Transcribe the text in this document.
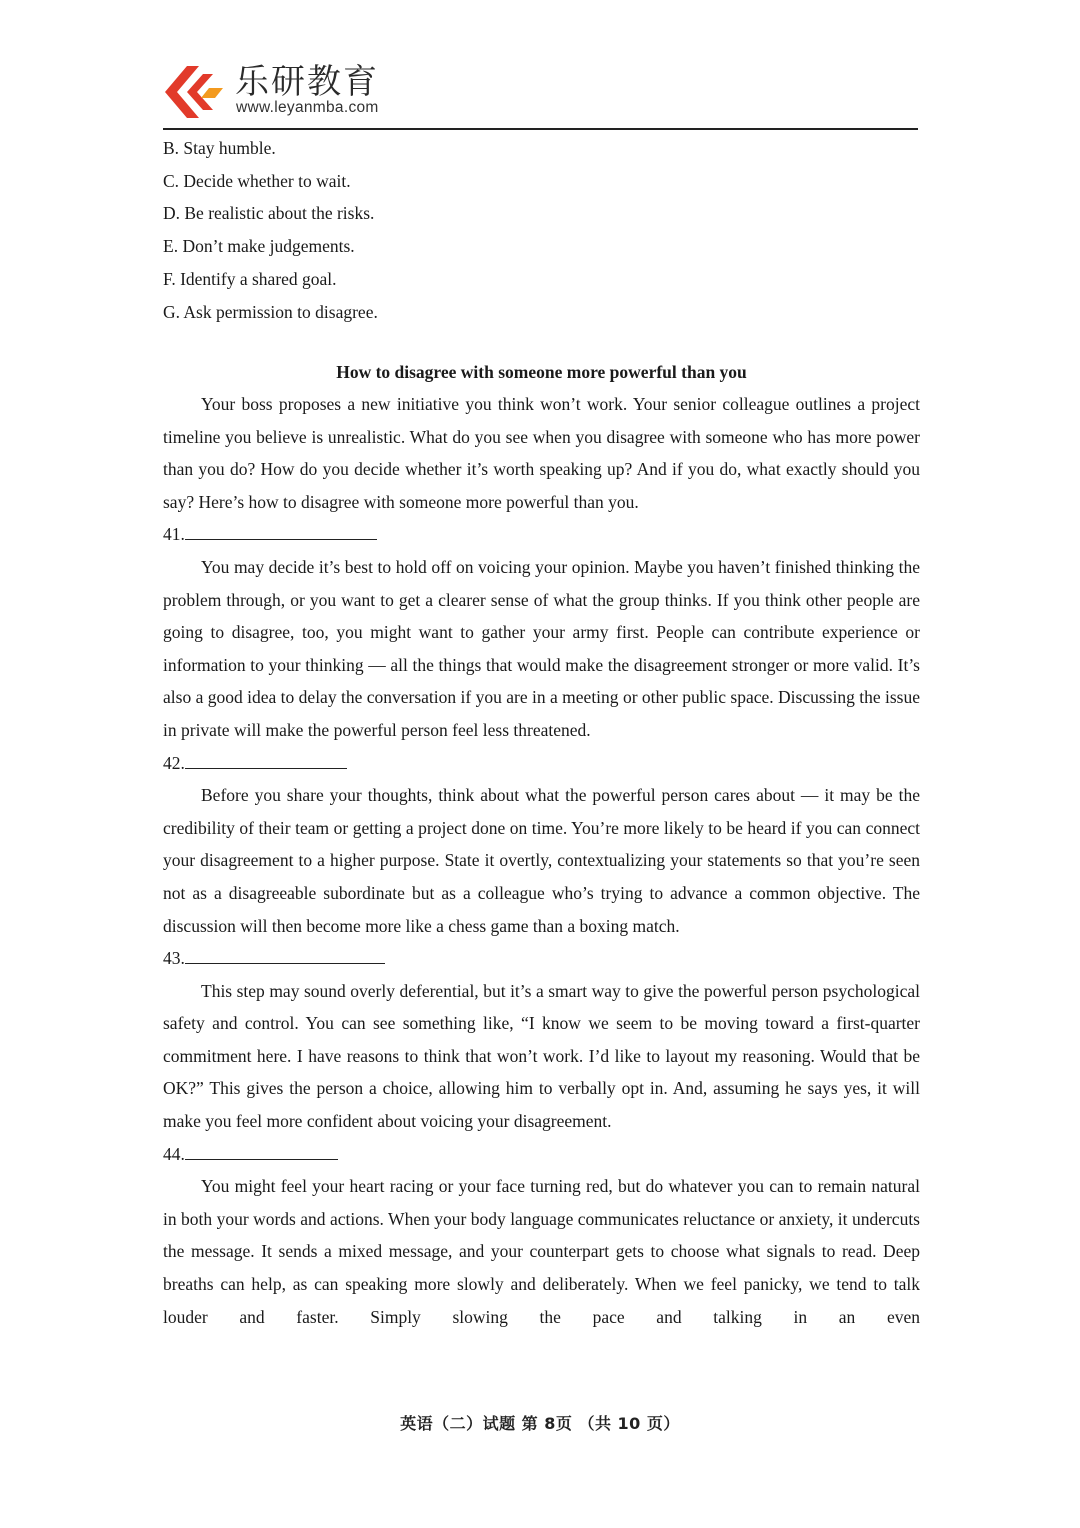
乐研教育
www.leyanmba.com
B. Stay humble.
C. Decide whether to wait.
D. Be realistic about the risks.
E. Don’t make judgements.
F. Identify a shared goal.
G. Ask permission to disagree.
How to disagree with someone more powerful than you

Your boss proposes a new initiative you think won’t work. Your senior colleague outlines a project timeline you believe is unrealistic. What do you see when you disagree with someone who has more power than you do? How do you decide whether it’s worth speaking up? And if you do, what exactly should you say? Here’s how to disagree with someone more powerful than you.

41.

You may decide it’s best to hold off on voicing your opinion. Maybe you haven’t finished thinking the problem through, or you want to get a clearer sense of what the group thinks. If you think other people are going to disagree, too, you might want to gather your army first. People can contribute experience or information to your thinking — all the things that would make the disagreement stronger or more valid. It’s also a good idea to delay the conversation if you are in a meeting or other public space. Discussing the issue in private will make the powerful person feel less threatened.

42.

Before you share your thoughts, think about what the powerful person cares about — it may be the credibility of their team or getting a project done on time. You’re more likely to be heard if you can connect your disagreement to a higher purpose. State it overtly, contextualizing your statements so that you’re seen not as a disagreeable subordinate but as a colleague who’s trying to advance a common objective. The discussion will then become more like a chess game than a boxing match.

43.

This step may sound overly deferential, but it’s a smart way to give the powerful person psychological safety and control. You can see something like, “I know we seem to be moving toward a first-quarter commitment here. I have reasons to think that won’t work. I’d like to layout my reasoning. Would that be OK?” This gives the person a choice, allowing him to verbally opt in. And, assuming he says yes, it will make you feel more confident about voicing your disagreement.

44.

You might feel your heart racing or your face turning red, but do whatever you can to remain natural in both your words and actions. When your body language communicates reluctance or anxiety, it undercuts the message. It sends a mixed message, and your counterpart gets to choose what signals to read. Deep breaths can help, as can speaking more slowly and deliberately. When we feel panicky, we tend to talk louder and faster. Simply slowing the pace and talking in an even

英语（二）试题 第 8页 （共 10 页）
